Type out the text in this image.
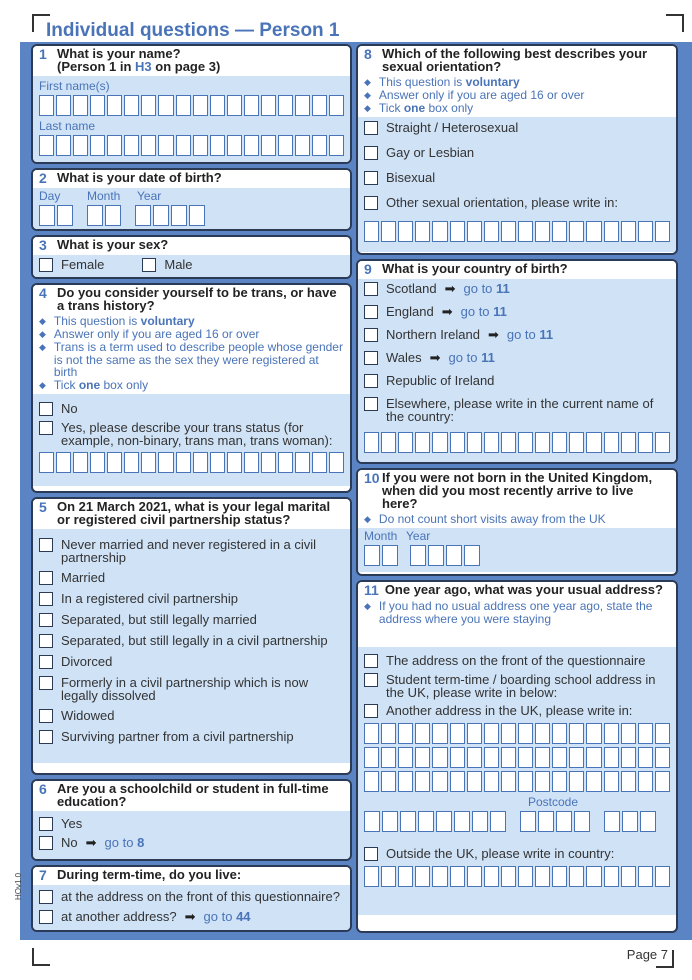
Individual questions — Person 1
HOv1.0
Page 7
1 What is your name?
(Person 1 in H3 on page 3)
First name(s)
Last name
2 What is your date of birth?
Day	Month	Year
3 What is your sex?
Female	Male
4 Do you consider yourself to be trans, or have a trans history?
◆ This question is voluntary
◆ Answer only if you are aged 16 or over
◆ Trans is a term used to describe people whose gender is not the same as the sex they were registered at birth
◆ Tick one box only
No
Yes, please describe your trans status (for example, non-binary, trans man, trans woman):
5 On 21 March 2021, what is your legal marital or registered civil partnership status?
Never married and never registered in a civil partnership
Married
In a registered civil partnership
Separated, but still legally married
Separated, but still legally in a civil partnership
Divorced
Formerly in a civil partnership which is now legally dissolved
Widowed
Surviving partner from a civil partnership
6 Are you a schoolchild or student in full-time education?
Yes
No ➡ go to 8
7 During term-time, do you live:
at the address on the front of this questionnaire?
at another address? ➡ go to 44
8 Which of the following best describes your sexual orientation?
◆ This question is voluntary
◆ Answer only if you are aged 16 or over
◆ Tick one box only
Straight / Heterosexual
Gay or Lesbian
Bisexual
Other sexual orientation, please write in:
9 What is your country of birth?
Scotland ➡ go to 11
England ➡ go to 11
Northern Ireland ➡ go to 11
Wales ➡ go to 11
Republic of Ireland
Elsewhere, please write in the current name of the country:
10 If you were not born in the United Kingdom, when did you most recently arrive to live here?
◆ Do not count short visits away from the UK
Month Year
11 One year ago, what was your usual address?
◆ If you had no usual address one year ago, state the address where you were staying
The address on the front of the questionnaire
Student term-time / boarding school address in the UK, please write in below:
Another address in the UK, please write in:
Postcode
Outside the UK, please write in country:
